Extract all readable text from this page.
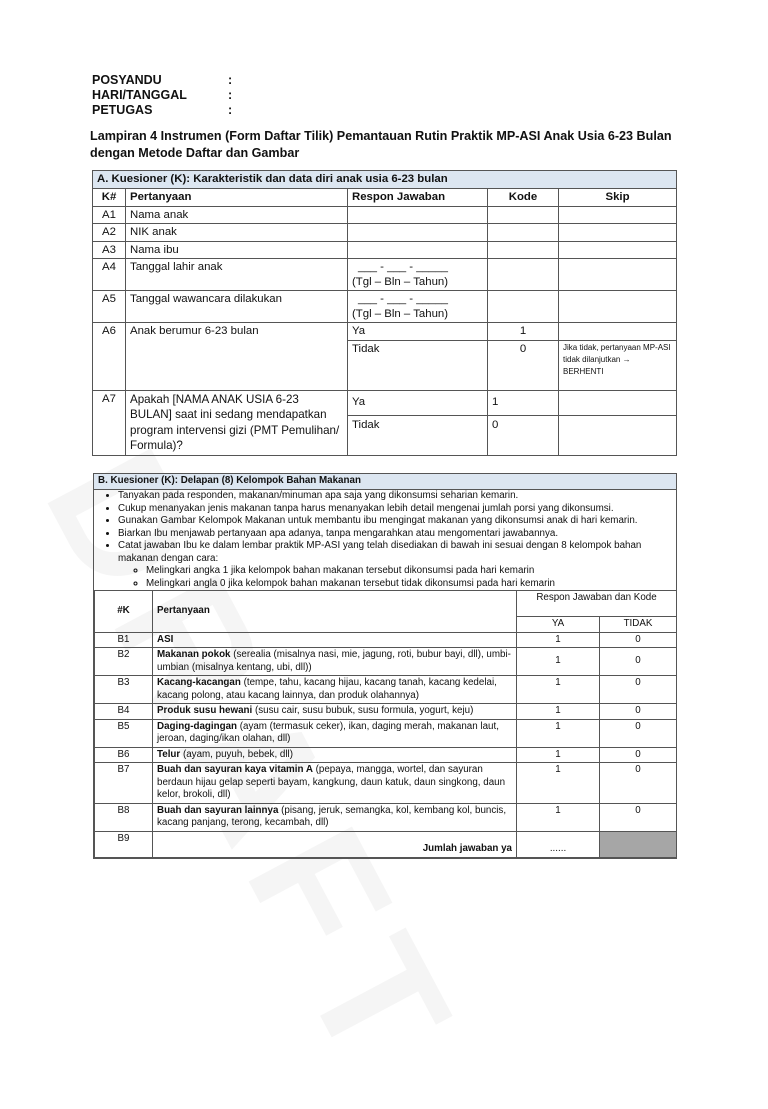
POSYANDU	:
HARI/TANGGAL	:
PETUGAS	:
Lampiran 4 Instrumen (Form Daftar Tilik) Pemantauan Rutin Praktik MP-ASI Anak Usia 6-23 Bulan dengan Metode Daftar dan Gambar
A. Kuesioner (K): Karakteristik dan data diri anak usia 6-23 bulan				
K#	Pertanyaan	Respon Jawaban	Kode	Skip
A1	Nama anak			
A2	NIK anak			
A3	Nama ibu			
A4	Tanggal lahir anak	___ - ___ - _____
(Tgl – Bln – Tahun)		

A5	Tanggal wawancara dilakukan	___ - ___ - _____
(Tgl – Bln – Tahun)		

A6	Anak berumur 6-23 bulan	Ya	1	
		Tidak	0	Jika tidak, pertanyaan MP-ASI tidak dilanjutkan → BERHENTI
A7	Apakah [NAMA ANAK USIA 6-23 BULAN] saat ini sedang mendapatkan program intervensi gizi (PMT Pemulihan/ Formula)?	Ya	1	
		Tidak	0	
B. Kuesioner (K): Delapan (8) Kelompok Bahan Makanan
• Tanyakan pada responden, makanan/minuman apa saja yang dikonsumsi seharian kemarin.
• Cukup menanyakan jenis makanan tanpa harus menanyakan lebih detail mengenai jumlah porsi yang dikonsumsi.
• Gunakan Gambar Kelompok Makanan untuk membantu ibu mengingat makanan yang dikonsumsi anak di hari kemarin.
• Biarkan Ibu menjawab pertanyaan apa adanya, tanpa mengarahkan atau mengomentari jawabannya.
• Catat jawaban Ibu ke dalam lembar praktik MP-ASI yang telah disediakan di bawah ini sesuai dengan 8 kelompok bahan makanan dengan cara:
◦ Melingkari angka 1 jika kelompok bahan makanan tersebut dikonsumsi pada hari kemarin
◦ Melingkari angla 0 jika kelompok bahan makanan tersebut tidak dikonsumsi pada hari kemarin
#K	Pertanyaan	Respon Jawaban dan Kode	
		YA	TIDAK
B1	ASI	1	0
B2	Makanan pokok (serealia (misalnya nasi, mie, jagung, roti, bubur bayi, dll), umbi-umbian (misalnya kentang, ubi, dll))	1	0
B3	Kacang-kacangan (tempe, tahu, kacang hijau, kacang tanah, kacang kedelai, kacang polong, atau kacang lainnya, dan produk olahannya)	1	0
B4	Produk susu hewani (susu cair, susu bubuk, susu formula, yogurt, keju)	1	0
B5	Daging-dagingan (ayam (termasuk ceker), ikan, daging merah, makanan laut, jeroan, daging/ikan olahan, dll)	1	0
B6	Telur (ayam, puyuh, bebek, dll)	1	0
B7	Buah dan sayuran kaya vitamin A (pepaya, mangga, wortel, dan sayuran berdaun hijau gelap seperti bayam, kangkung, daun katuk, daun singkong, daun kelor, brokoli, dll)	1	0
B8	Buah dan sayuran lainnya (pisang, jeruk, semangka, kol, kembang kol, buncis, kacang panjang, terong, kecambah, dll)	1	0
B9	Jumlah jawaban ya	......	
